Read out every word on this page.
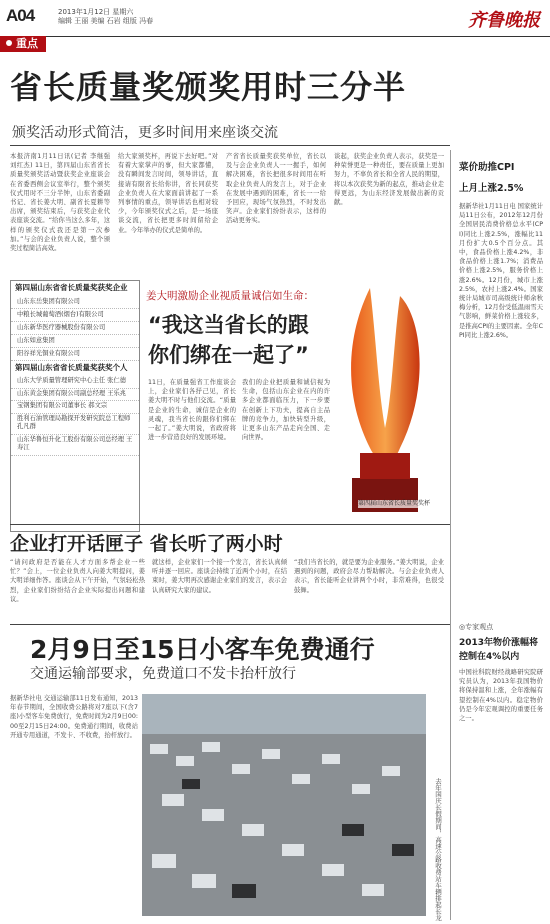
A04	2013年1月12日 星期六
编辑 王丽 美编 石岩 组版 冯春	齐鲁晚报
重点
省长质量奖颁奖用时三分半
颁奖活动形式简洁，更多时间用来座谈交流
本报济南1月11日讯(记者 李继强 刘红杰) 11日，第四届山东省省长质量奖颁奖活动暨获奖企业座谈会在省委西侧会议室举行，整个颁奖仪式用时不三分半钟，山东省委副书记、省长姜大明、副省长夏耕等出席，颁奖结束后，与获奖企业代表座谈交流。“给你当这么多年，这样的颁奖仪式我还是第一次参加。”与会的企业负责人说，整个颁奖过程简洁高效。
给大家颁奖杯，再说下去好吧。”对有着大家掌声的事，但大家都懂，没有瞬间发言时间，领导讲话，直接请有限省长给你讲，省长同获奖企业负责人在大家面前讲起了一系列事情的重点，领导讲话也相对较少，今年颁奖仪式之后，是一场座谈交流，省长把更多时间留给企业。今年举办的仪式是简单的。
产省省长质量奖获奖单位，省长以及与会企业负责人一一握手，如何解决困难，省长把很多时间用在听取企业负责人的发言上，对于企业在发展中遇到的困难，省长一一给予回应，现场气氛热烈，不时发出笑声。企业家们纷纷表示，这样的活动更务实。
谈起，获奖企业负责人表示，获奖是一种荣誉更是一种责任，要在质量上更加努力，不辜负省长和全省人民的期望，将以本次获奖为新的起点，推动企业走得更远，为山东经济发展做出新的贡献。
第四届山东省省长质量奖获奖企业
山东东岳集团有限公司
中粮长城葡萄酒(烟台)有限公司
山东新华医疗器械股份有限公司
山东如意集团
阳谷祥光铜业有限公司
第四届山东省省长质量奖获奖个人
山东大学质量管理研究中心主任 张仁德
山东黄金集团有限公司副总经理 王乐兆
宝钢集团有限公司董事长 郝文宗
胜利石油管理局勘探开发研究院总工程师 孔凡群
山东华鲁恒升化工股份有限公司总经理 王寿江
姜大明激励企业视质量诚信如生命：
“我这当省长的跟你们绑在一起了”
11日，在质量强省工作座谈会上，企业家们各抒己见，省长姜大明不时与他们交流。“质量是企业的生命，诚信是企业的灵魂，我当省长的跟你们绑在一起了。”姜大明说，省政府将进一步营造良好的发展环境。
我们的企业把质量和诚信视为生命，包括山东企业在内的许多企业都面临压力，下一步要在创新上下功夫，提高自主品牌的竞争力，加快转型升级，让更多山东产品走向全国、走向世界。
第四届山东省长质量奖奖杯
企业打开话匣子 省长听了两小时
“请问政府是否能在人才方面多帮企业一些忙？”会上，一位企业负责人向姜大明提问，姜大明详细作答。座谈会从下午开始，气氛轻松热烈，企业家们纷纷结合企业实际提出问题和建议。
就这样，企业家们一个接一个发言，省长认真倾听并逐一回应。座谈会持续了近两个小时，在结束时，姜大明再次感谢企业家们的发言，表示会认真研究大家的建议。
“我们当省长的，就是要为企业服务。”姜大明说，企业遇到的问题，政府会尽力帮助解决。与会企业负责人表示，省长能听企业讲两个小时，非常难得，也很受鼓舞。
2月9日至15日小客车免费通行
交通运输部要求，免费道口不发卡抬杆放行
据新华社电 交通运输部11日发布通知，2013年春节期间，全国收费公路将对7座以下(含7座)小型客车免费放行，免费时间为2月9日00:00至2月15日24:00。免费通行期间，收费站开通专用通道，不发卡、不收费，抬杆放行。
去年国庆长假期间，高速公路收费站车辆排起长龙
菜价助推CPI
上月上涨2.5%
据新华社1月11日电 国家统计局11日公布，2012年12月份全国居民消费价格总水平(CPI)同比上涨2.5%，涨幅比11月份扩大0.5个百分点。其中，食品价格上涨4.2%，非食品价格上涨1.7%；消费品价格上涨2.5%，服务价格上涨2.6%。12月份，城市上涨2.5%，农村上涨2.4%。国家统计局城市司高级统计师余秋梅分析，12月份受低温雨雪天气影响，鲜菜价格上涨较多，是推高CPI的主要因素。全年CPI同比上涨2.6%。
◎专家观点
2013年物价涨幅将控制在4%以内
中国社科院财经战略研究院研究员认为，2013年我国物价将保持温和上涨，全年涨幅有望控制在4%以内。稳定物价仍是今年宏观调控的重要任务之一。
